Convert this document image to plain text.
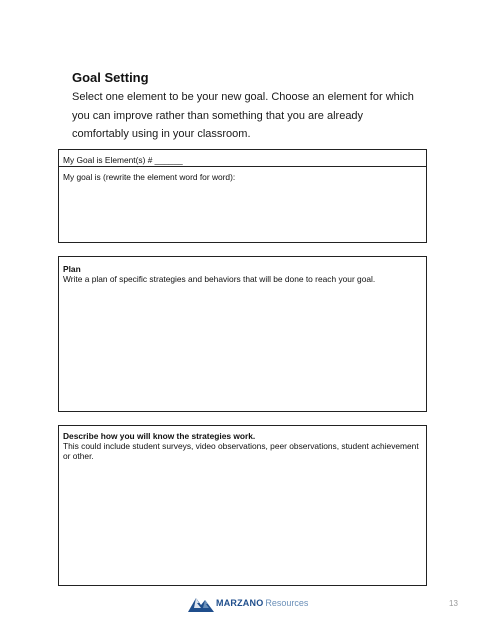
Goal Setting
Select one element to be your new goal. Choose an element for which you can improve rather than something that you are already comfortably using in your classroom.
My Goal is Element(s) # ______
My goal is (rewrite the element word for word):
Plan
Write a plan of specific strategies and behaviors that will be done to reach your goal.
Describe how you will know the strategies work.
This could include student surveys, video observations, peer observations, student achievement or other.
MARZANO Resources	13
